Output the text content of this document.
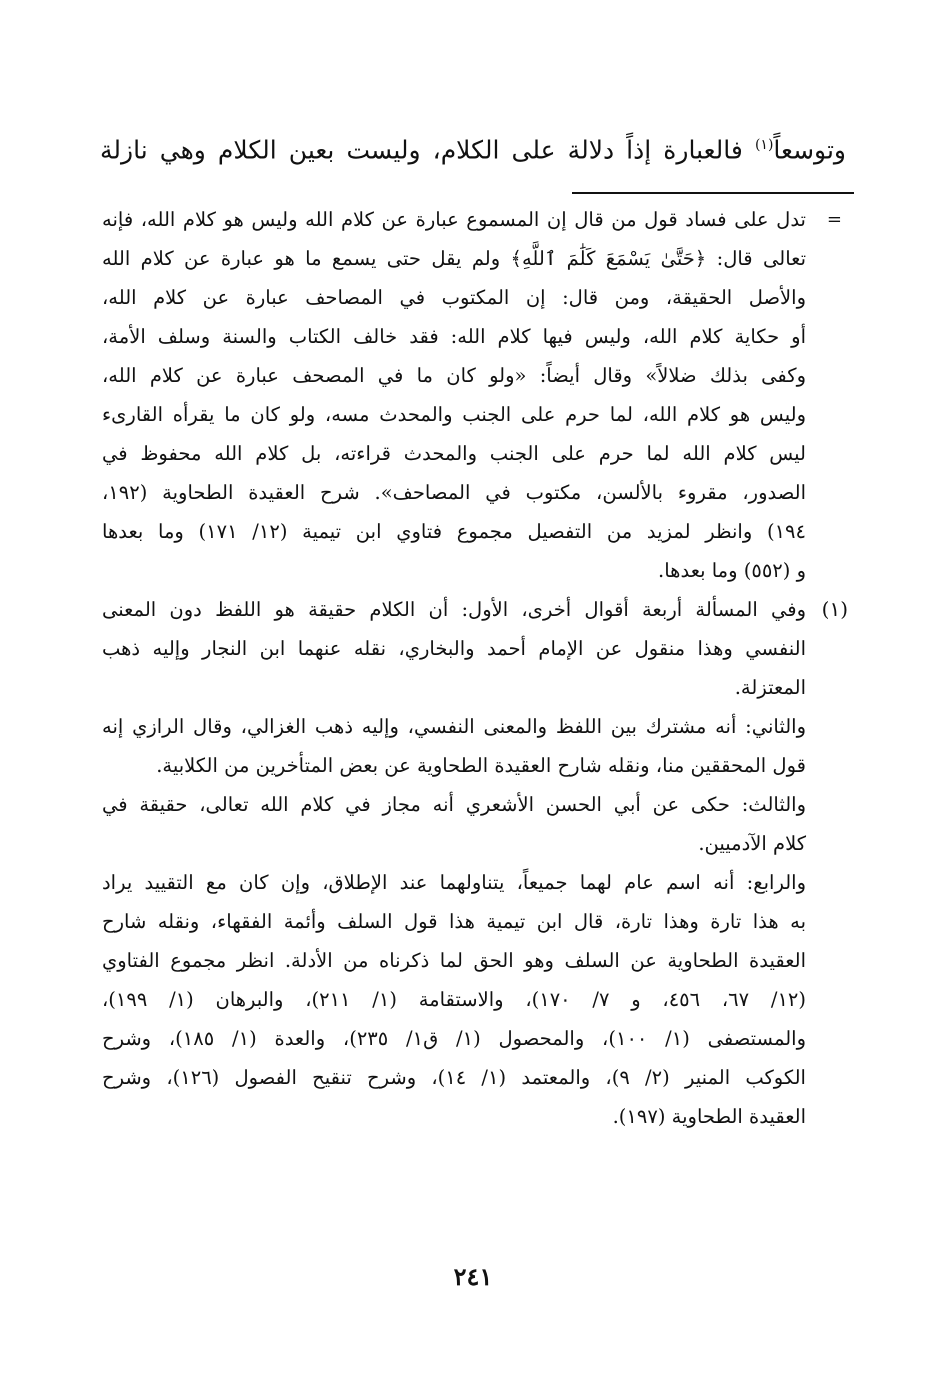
وتوسعاً$^{(١)}$ فالعبارة إذاً دلالة على الكلام، وليست بعين الكلام وهي نازلة
=
تدل على فساد قول من قال إن المسموع عبارة عن كلام الله وليس هو كلام الله، فإنه
تعالى قال: ﴿حَتَّىٰ يَسْمَعَ كَلَٰمَ ٱللَّهِ﴾ ولم يقل حتى يسمع ما هو عبارة عن كلام الله
والأصل الحقيقة، ومن قال: إن المكتوب في المصاحف عبارة عن كلام الله،
أو حكاية كلام الله، وليس فيها كلام الله: فقد خالف الكتاب والسنة وسلف الأمة،
وكفى بذلك ضلالاً» وقال أيضاً: «ولو كان ما في المصحف عبارة عن كلام الله،
وليس هو كلام الله، لما حرم على الجنب والمحدث مسه، ولو كان ما يقرأه القارىء
ليس كلام الله لما حرم على الجنب والمحدث قراءته، بل كلام الله محفوظ في
الصدور، مقروء بالألسن، مكتوب في المصاحف». شرح العقيدة الطحاوية (١٩٢،
١٩٤) وانظر لمزيد من التفصيل مجموع فتاوي ابن تيمية (١٢/ ١٧١) وما بعدها
و (٥٥٢) وما بعدها.
(١)
وفي المسألة أربعة أقوال أخرى، الأول: أن الكلام حقيقة هو اللفظ دون المعنى
النفسي وهذا منقول عن الإمام أحمد والبخاري، نقله عنهما ابن النجار وإليه ذهب
المعتزلة.
والثاني: أنه مشترك بين اللفظ والمعنى النفسي، وإليه ذهب الغزالي، وقال الرازي إنه
قول المحققين منا، ونقله شارح العقيدة الطحاوية عن بعض المتأخرين من الكلابية.
والثالث: حكى عن أبي الحسن الأشعري أنه مجاز في كلام الله تعالى، حقيقة في
كلام الآدميين.
والرابع: أنه اسم عام لهما جميعاً، يتناولهما عند الإطلاق، وإن كان مع التقييد يراد
به هذا تارة وهذا تارة، قال ابن تيمية هذا قول السلف وأئمة الفقهاء، ونقله شارح
العقيدة الطحاوية عن السلف وهو الحق لما ذكرناه من الأدلة. انظر مجموع الفتاوي
(١٢/ ٦٧، ٤٥٦، و ٧/ ١٧٠)، والاستقامة (١/ ٢١١)، والبرهان (١/ ١٩٩)،
والمستصفى (١/ ١٠٠)، والمحصول (١/ ق١/ ٢٣٥)، والعدة (١/ ١٨٥)، وشرح
الكوكب المنير (٢/ ٩)، والمعتمد (١/ ١٤)، وشرح تنقيح الفصول (١٢٦)، وشرح
العقيدة الطحاوية (١٩٧).
٢٤١
